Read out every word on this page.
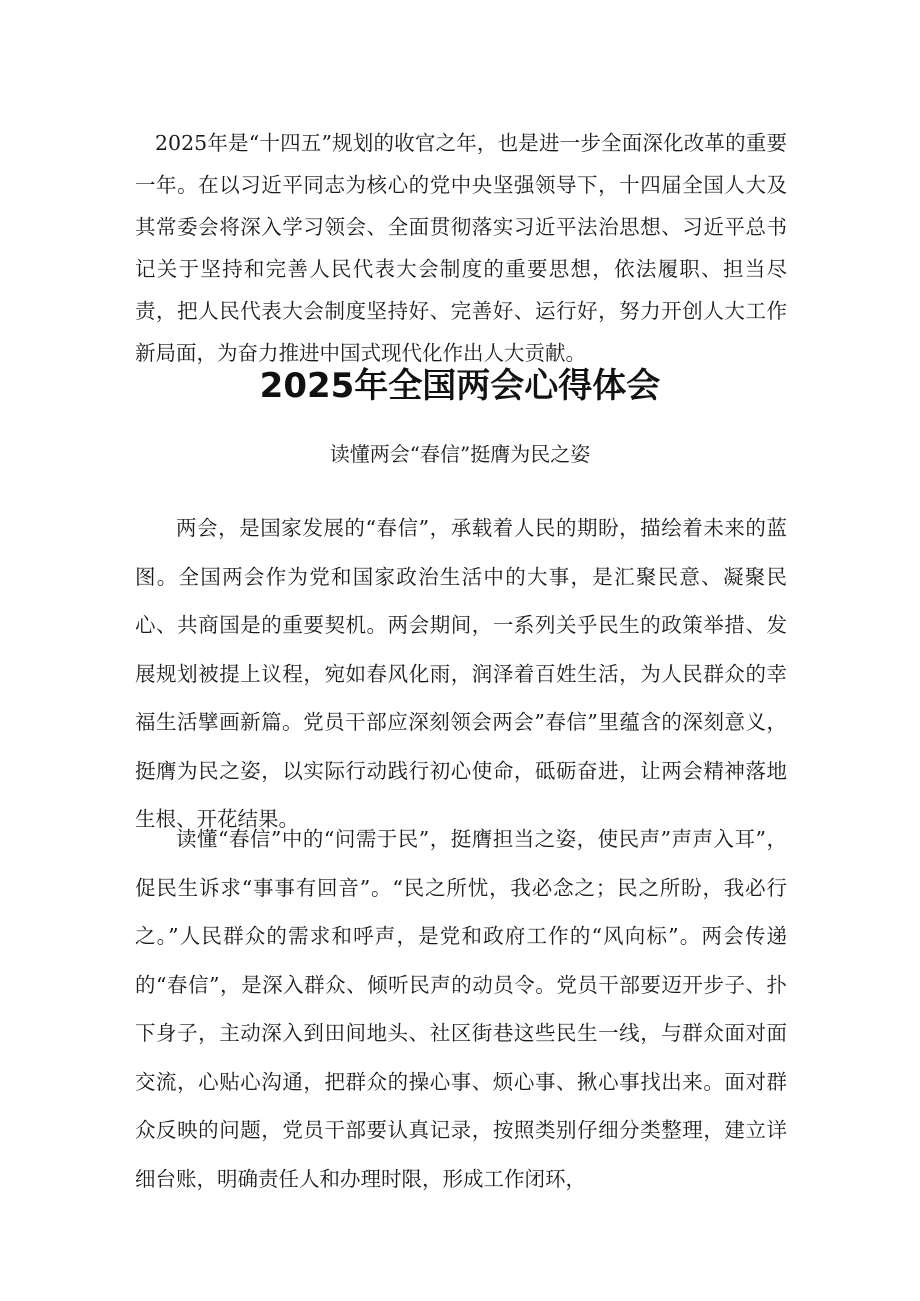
2025年是“十四五”规划的收官之年，也是进一步全面深化改革的重要一年。在以习近平同志为核心的党中央坚强领导下，十四届全国人大及其常委会将深入学习领会、全面贯彻落实习近平法治思想、习近平总书记关于坚持和完善人民代表大会制度的重要思想，依法履职、担当尽责，把人民代表大会制度坚持好、完善好、运行好，努力开创人大工作新局面，为奋力推进中国式现代化作出人大贡献。

2025年全国两会心得体会

读懂两会“春信”挺膺为民之姿

两会，是国家发展的“春信”，承载着人民的期盼，描绘着未来的蓝图。全国两会作为党和国家政治生活中的大事，是汇聚民意、凝聚民心、共商国是的重要契机。两会期间，一系列关乎民生的政策举措、发展规划被提上议程，宛如春风化雨，润泽着百姓生活，为人民群众的幸福生活擘画新篇。党员干部应深刻领会两会”春信”里蕴含的深刻意义，挺膺为民之姿，以实际行动践行初心使命，砥砺奋进，让两会精神落地生根、开花结果。

读懂“春信”中的“问需于民”，挺膺担当之姿，使民声”声声入耳”，促民生诉求“事事有回音”。“民之所忧，我必念之；民之所盼，我必行之。”人民群众的需求和呼声，是党和政府工作的“风向标”。两会传递的“春信”，是深入群众、倾听民声的动员令。党员干部要迈开步子、扑下身子，主动深入到田间地头、社区街巷这些民生一线，与群众面对面交流，心贴心沟通，把群众的操心事、烦心事、揪心事找出来。面对群众反映的问题，党员干部要认真记录，按照类别仔细分类整理，建立详细台账，明确责任人和办理时限，形成工作闭环，
